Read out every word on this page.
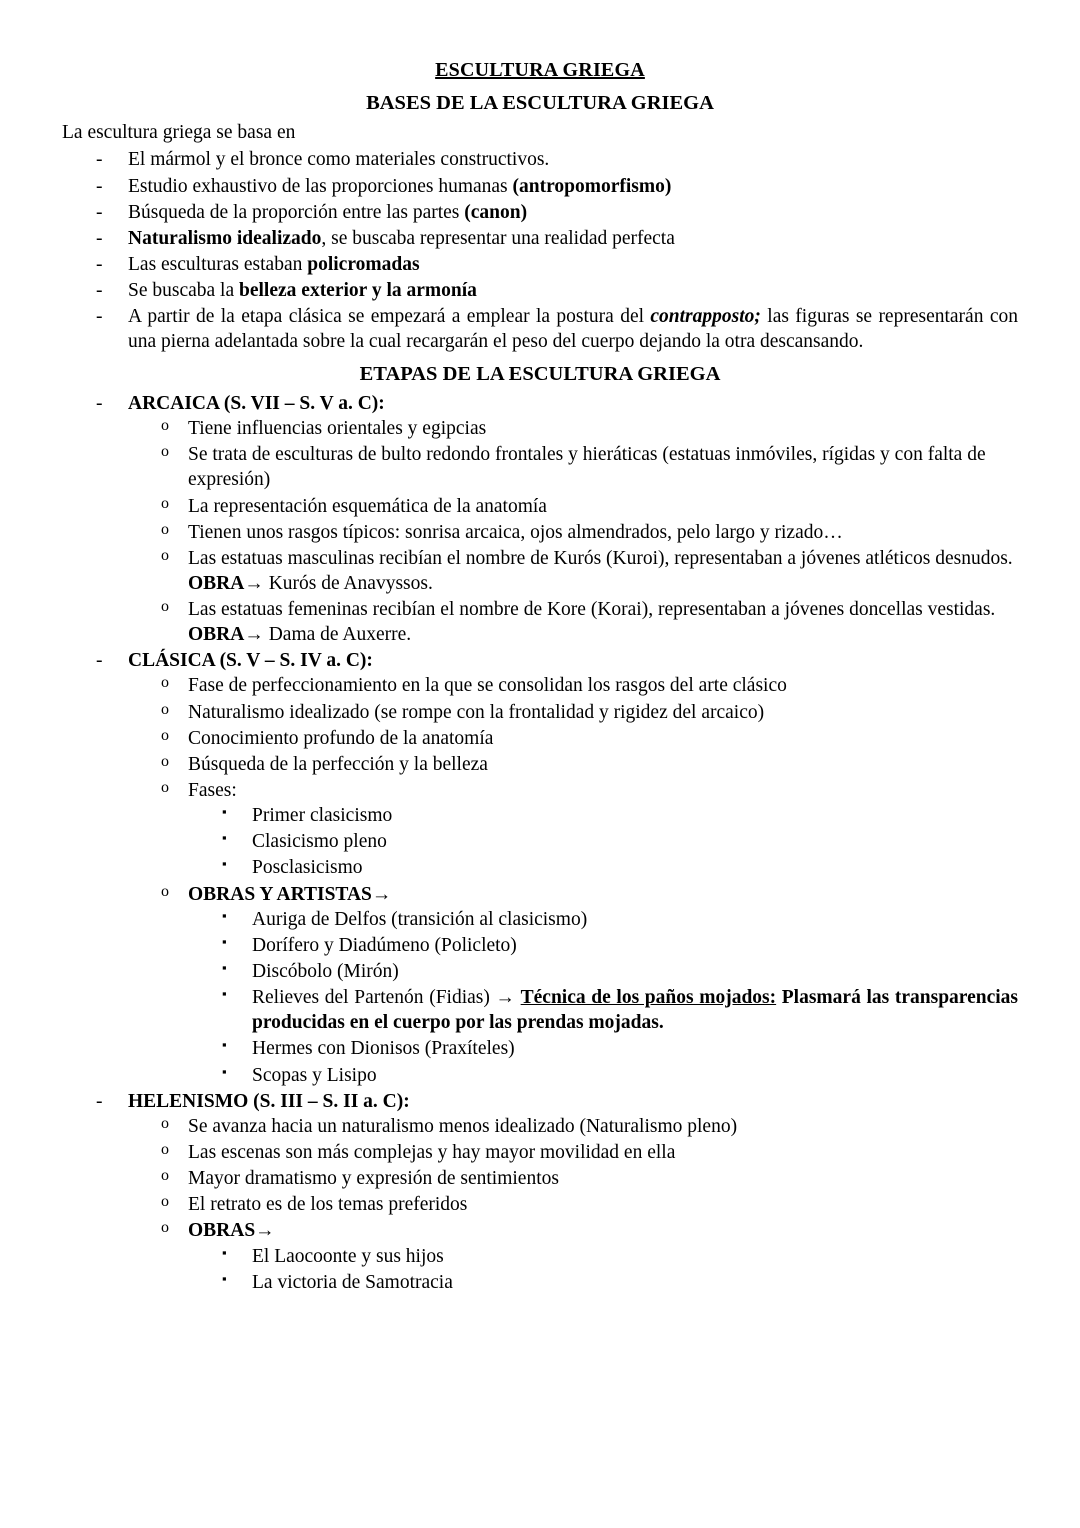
ESCULTURA GRIEGA
BASES DE LA ESCULTURA GRIEGA

La escultura griega se basa en

- El mármol y el bronce como materiales constructivos.
- Estudio exhaustivo de las proporciones humanas (antropomorfismo)
- Búsqueda de la proporción entre las partes (canon)
- Naturalismo idealizado, se buscaba representar una realidad perfecta
- Las esculturas estaban policromadas
- Se buscaba la belleza exterior y la armonía
- A partir de la etapa clásica se empezará a emplear la postura del contrapposto; las figuras se representarán con una pierna adelantada sobre la cual recargarán el peso del cuerpo dejando la otra descansando.
ETAPAS DE LA ESCULTURA GRIEGA
- ARCAICA (S. VII – S. V a. C):
o Tiene influencias orientales y egipcias
o Se trata de esculturas de bulto redondo frontales y hieráticas (estatuas inmóviles, rígidas y con falta de expresión)
o La representación esquemática de la anatomía
o Tienen unos rasgos típicos: sonrisa arcaica, ojos almendrados, pelo largo y rizado…
o Las estatuas masculinas recibían el nombre de Kurós (Kuroi), representaban a jóvenes atléticos desnudos. OBRA→ Kurós de Anavyssos.
o Las estatuas femeninas recibían el nombre de Kore (Korai), representaban a jóvenes doncellas vestidas. OBRA→ Dama de Auxerre.
- CLÁSICA (S. V – S. IV a. C):
o Fase de perfeccionamiento en la que se consolidan los rasgos del arte clásico
o Naturalismo idealizado (se rompe con la frontalidad y rigidez del arcaico)
o Conocimiento profundo de la anatomía
o Búsqueda de la perfección y la belleza
o Fases:
▪ Primer clasicismo
▪ Clasicismo pleno
▪ Posclasicismo
o OBRAS Y ARTISTAS→
▪ Auriga de Delfos (transición al clasicismo)
▪ Dorífero y Diadúmeno (Policleto)
▪ Discóbolo (Mirón)
▪ Relieves del Partenón (Fidias) → Técnica de los paños mojados: Plasmará las transparencias producidas en el cuerpo por las prendas mojadas.
▪ Hermes con Dionisos (Praxíteles)
▪ Scopas y Lisipo
- HELENISMO (S. III – S. II a. C):
o Se avanza hacia un naturalismo menos idealizado (Naturalismo pleno)
o Las escenas son más complejas y hay mayor movilidad en ella
o Mayor dramatismo y expresión de sentimientos
o El retrato es de los temas preferidos
o OBRAS→
▪ El Laocoonte y sus hijos
▪ La victoria de Samotracia
